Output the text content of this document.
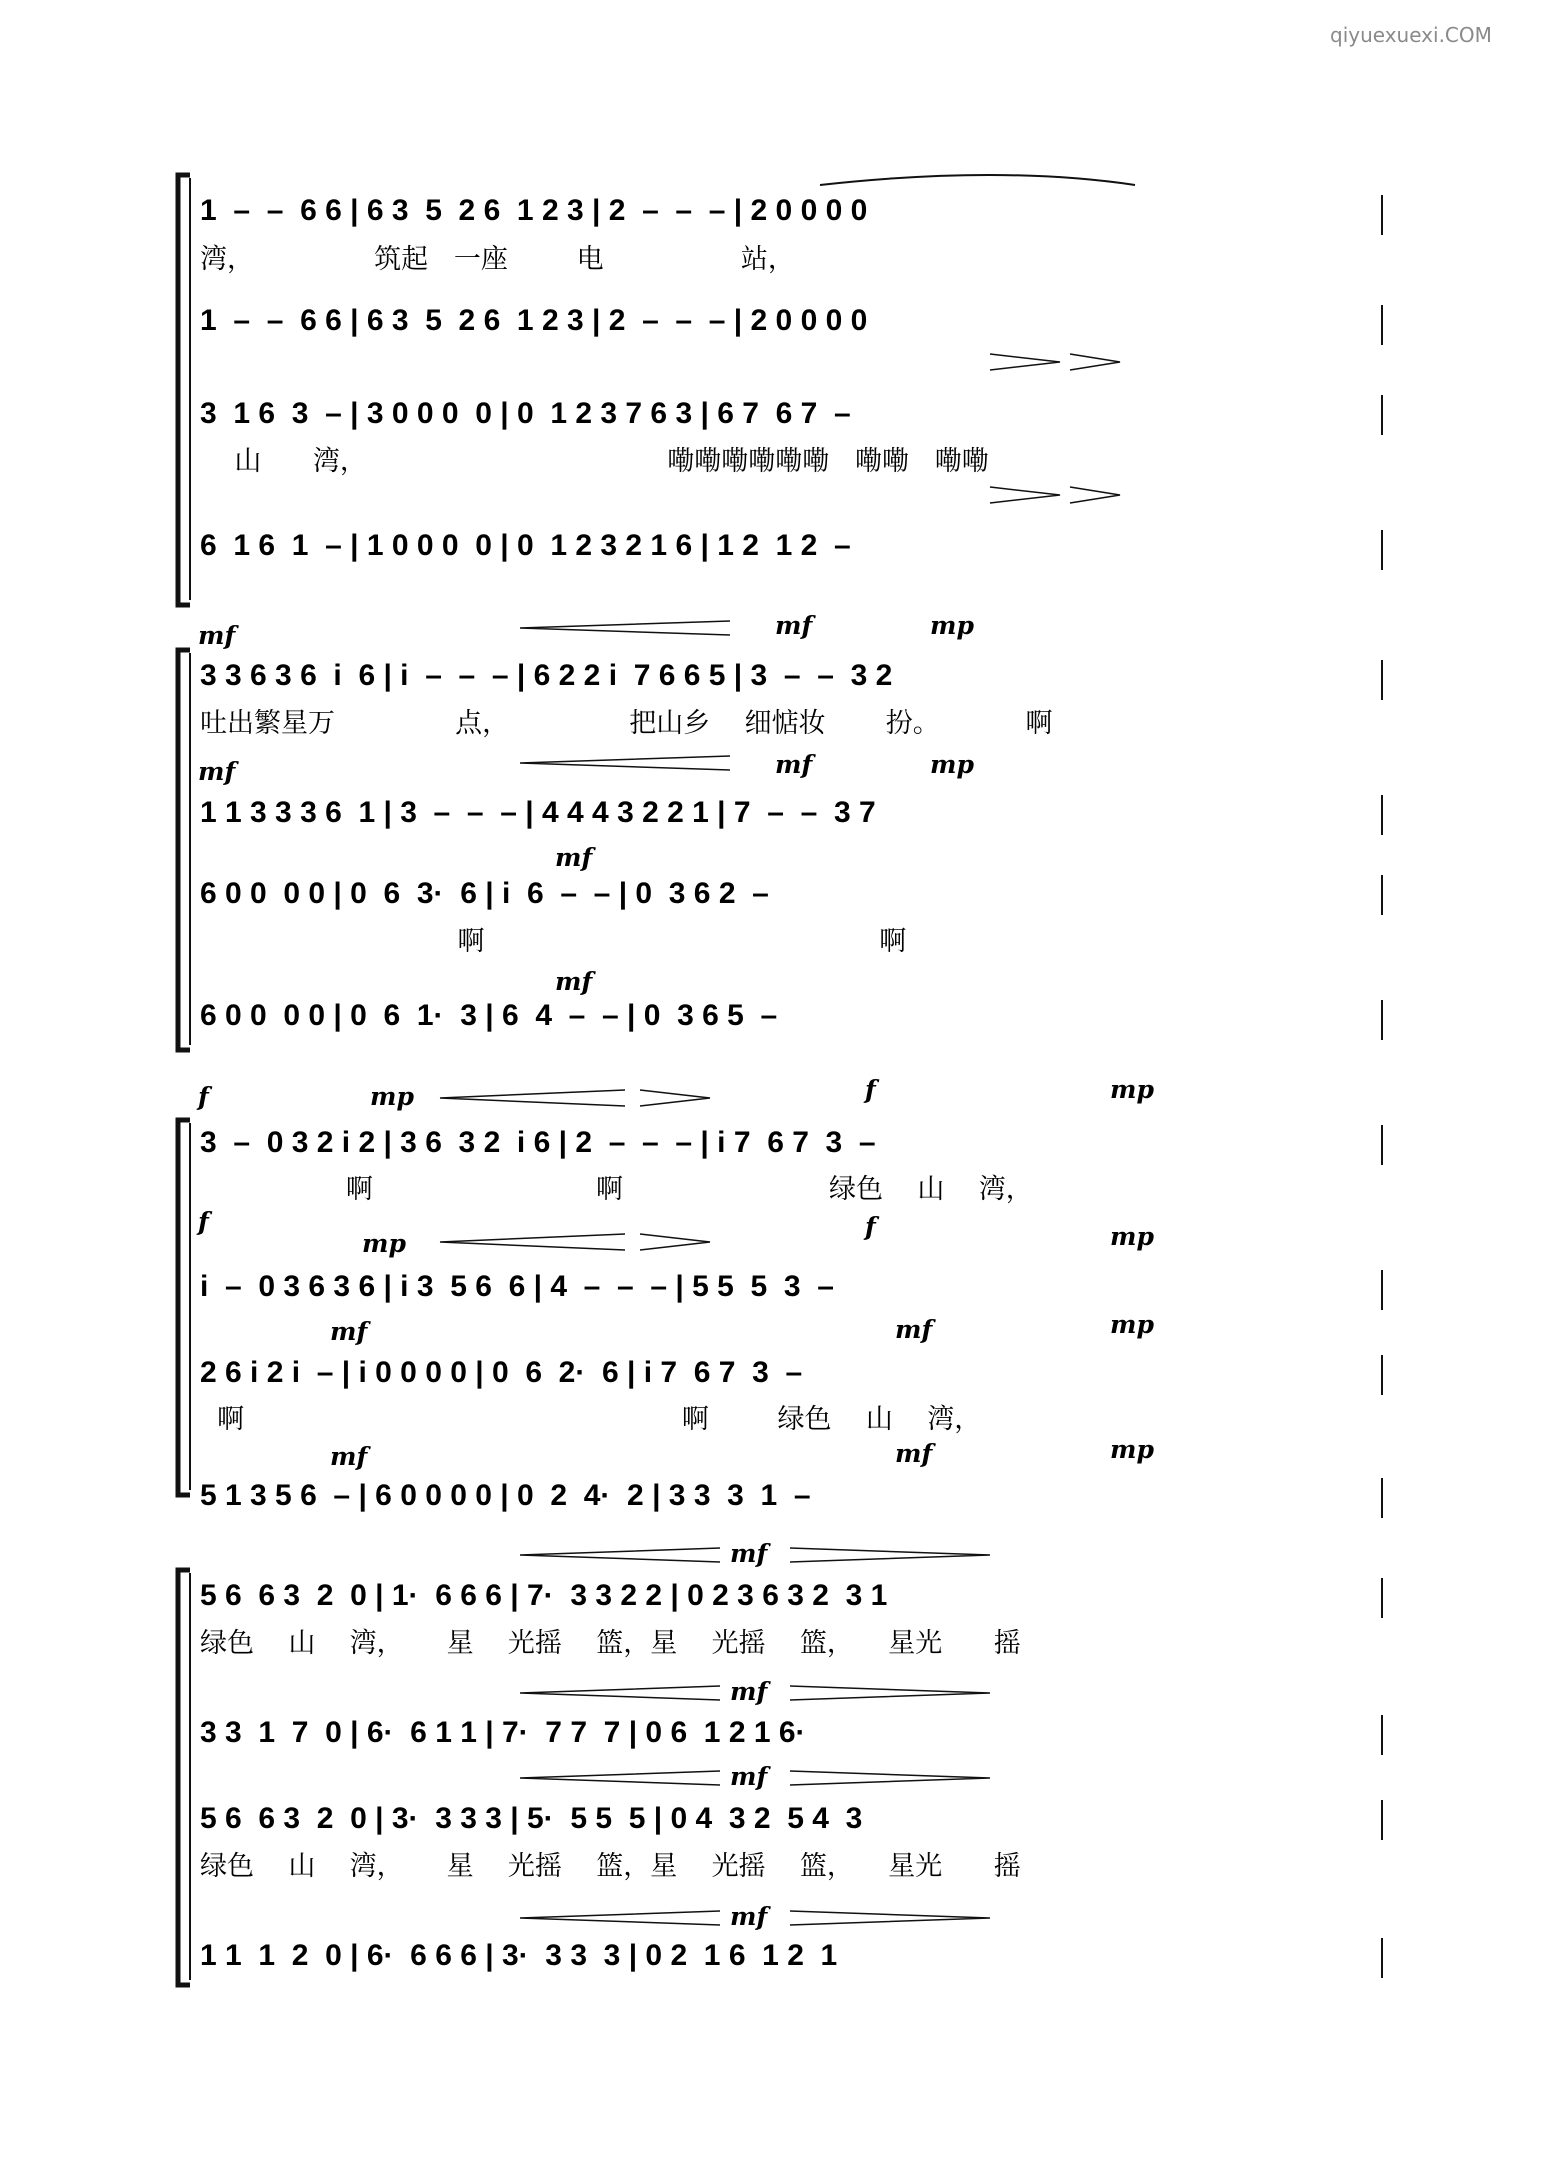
qiyuexuexi.COM
1  –  –  6 6 | 6 3  5  2 6  1 2 3 | 2  –  –  – | 2 0 0 0 0
湾，              筑起   一座        电                站，
1  –  –  6 6 | 6 3  5  2 6  1 2 3 | 2  –  –  – | 2 0 0 0 0
3  1 6  3  – | 3 0 0 0  0 | 0  1 2 3 7 6 3 | 6 7  6 7  –
山      湾，                                   嘞嘞嘞嘞嘞嘞   嘞嘞   嘞嘞
6  1 6  1  – | 1 0 0 0  0 | 0  1 2 3 2 1 6 | 1 2  1 2  –
mf
3 3 6 3 6  i  6 | i  –  –  – | 6 2 2 i  7 6 6 5 | 3  –  –  3 2
吐出繁星万              点，              把山乡    细惦妆       扮。          啊
mf	mp
mf
1 1 3 3 3 6  1 | 3  –  –  – | 4 4 4 3 2 2 1 | 7  –  –  3 7
mf	mp
mf
6 0 0  0 0 | 0  6  3·  6 | i  6  –  – | 0  3 6 2  –
啊                                              啊
mf
6 0 0  0 0 | 0  6  1·  3 | 6  4  –  – | 0  3 6 5  –
f	mp	f	mp
3  –  0 3 2 i 2 | 3 6  3 2  i 6 | 2  –  –  – | i 7  6 7  3  –
啊                          啊                        绿色    山    湾，
f
mp
f	mp
i  –  0 3 6 3 6 | i 3  5 6  6 | 4  –  –  – | 5 5  5  3  –
mf	mf	mp
2 6 i 2 i  – | i 0 0 0 0 | 0  6  2·  6 | i 7  6 7  3  –
啊                                                   啊        绿色    山    湾，
mf	mf	mp
5 1 3 5 6  – | 6 0 0 0 0 | 0  2  4·  2 | 3 3  3  1  –
mf
5 6  6 3  2  0 | 1·  6 6 6 | 7·  3 3 2 2 | 0 2 3 6 3 2  3 1
绿色    山    湾，     星    光摇    篮，星    光摇    篮，    星光      摇
mf
3 3  1  7  0 | 6·  6 1 1 | 7·  7 7  7 | 0 6  1 2 1 6·
mf
5 6  6 3  2  0 | 3·  3 3 3 | 5·  5 5  5 | 0 4  3 2  5 4  3
绿色    山    湾，     星    光摇    篮，星    光摇    篮，    星光      摇
mf
1 1  1  2  0 | 6·  6 6 6 | 3·  3 3  3 | 0 2  1 6  1 2  1
